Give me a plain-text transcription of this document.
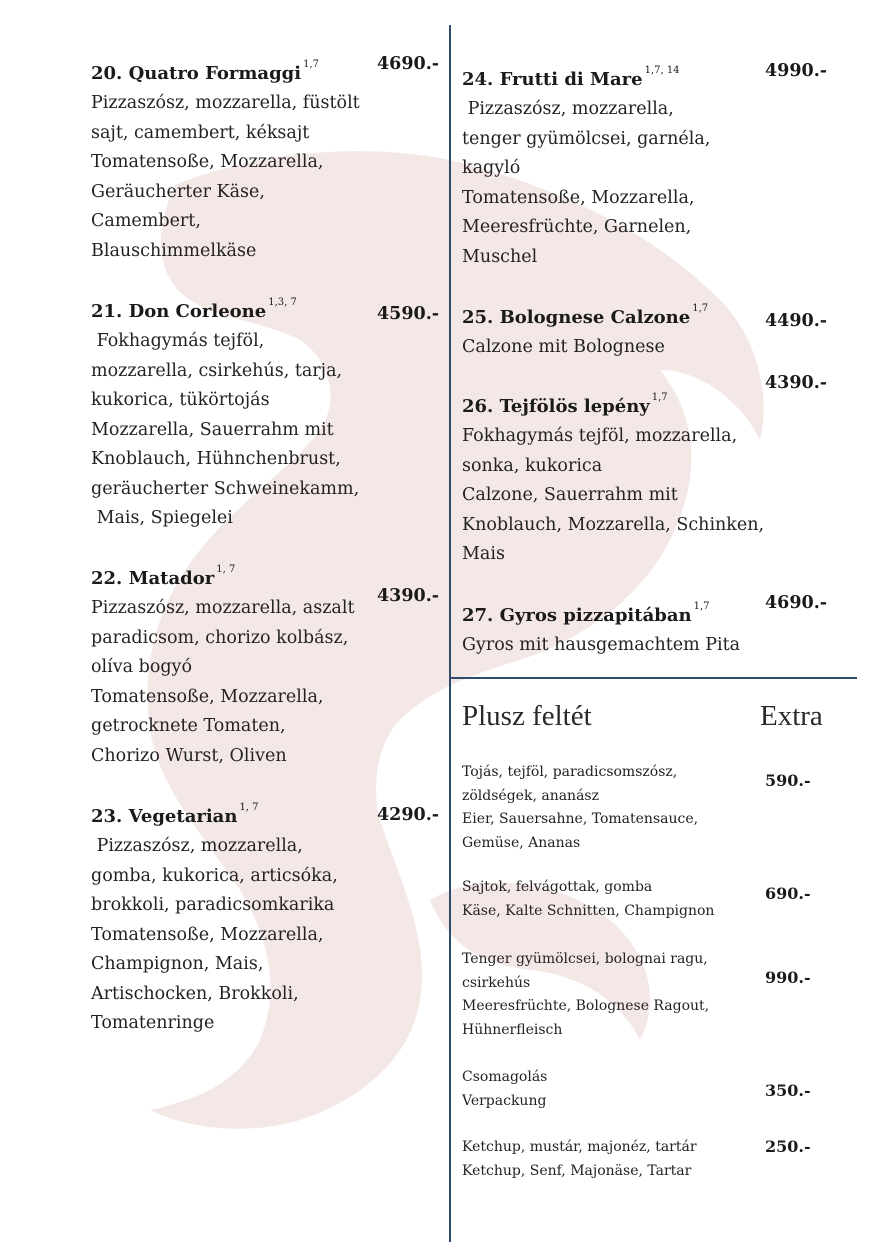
20. Quatro Formaggi $^{1,7}$
Pizzaszósz, mozzarella, füstölt
sajt, camembert, kéksajt
Tomatensoße, Mozzarella,
Geräucherter Käse,
Camembert,
Blauschimmelkäse
4690.-
21. Don Corleone $^{1,3, 7}$
Fokhagymás tejföl,
mozzarella, csirkehús, tarja,
kukorica, tükörtojás
Mozzarella, Sauerrahm mit
Knoblauch, Hühnchenbrust,
geräucherter Schweinekamm,
Mais, Spiegelei
4590.-
22. Matador $^{1, 7}$
Pizzaszósz, mozzarella, aszalt
paradicsom, chorizo kolbász,
olíva bogyó
Tomatensoße, Mozzarella,
getrocknete Tomaten,
Chorizo Wurst, Oliven
4390.-
23. Vegetarian $^{1, 7}$
Pizzaszósz, mozzarella,
gomba, kukorica, articsóka,
brokkoli, paradicsomkarika
Tomatensoße, Mozzarella,
Champignon, Mais,
Artischocken, Brokkoli,
Tomatenringe
4290.-
24. Frutti di Mare $^{1,7, 14}$
Pizzaszósz, mozzarella,
tenger gyümölcsei, garnéla,
kagyló
Tomatensoße, Mozzarella,
Meeresfrüchte, Garnelen,
Muschel
4990.-
25. Bolognese Calzone $^{1,7}$
Calzone mit Bolognese
4490.-
26. Tejfölös lepény $^{1,7}$
Fokhagymás tejföl, mozzarella,
sonka, kukorica
Calzone, Sauerrahm mit
Knoblauch, Mozzarella, Schinken,
Mais
4390.-
27. Gyros pizzapitában $^{1,7}$
Gyros mit hausgemachtem Pita
4690.-
Plusz feltét	Extra
Tojás, tejföl, paradicsomszósz,
zöldségek, ananász
Eier, Sauersahne, Tomatensauce,
Gemüse, Ananas
590.-
Sajtok, felvágottak, gomba
Käse, Kalte Schnitten, Champignon
690.-
Tenger gyümölcsei, bolognai ragu,
csirkehús
Meeresfrüchte, Bolognese Ragout,
Hühnerfleisch
990.-
Csomagolás
Verpackung
350.-
Ketchup, mustár, majonéz, tartár
Ketchup, Senf, Majonäse, Tartar
250.-
